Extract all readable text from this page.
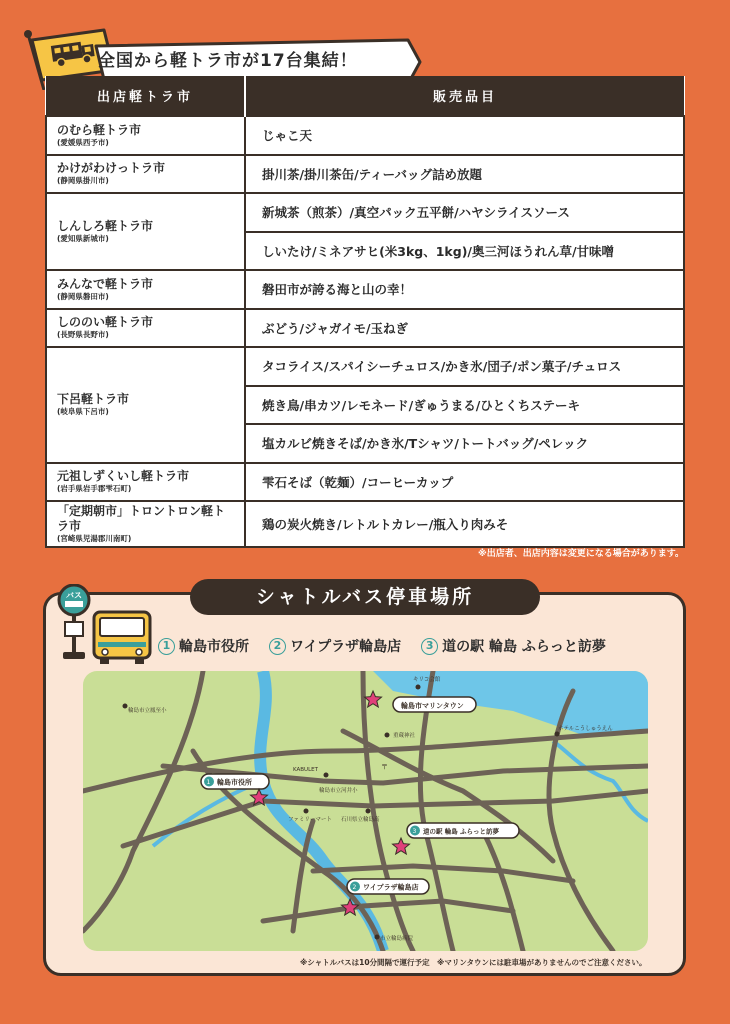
全国から軽トラ市が17台集結！
出店軽トラ市	販売品目

のむら軽トラ市
(愛媛県西予市)	じゃこ天

かけがわけっトラ市
(静岡県掛川市)	掛川茶/掛川茶缶/ティーバッグ詰め放題

しんしろ軽トラ市
(愛知県新城市)	新城茶（煎茶）/真空パック五平餅/ハヤシライスソース
	しいたけ/ミネアサヒ(米3kg、1kg)/奥三河ほうれん草/甘味噌

みんなで軽トラ市
(静岡県磐田市)	磐田市が誇る海と山の幸！

しののい軽トラ市
(長野県長野市)	ぶどう/ジャガイモ/玉ねぎ

下呂軽トラ市
(岐阜県下呂市)	タコライス/スパイシーチュロス/かき氷/団子/ポン菓子/チュロス
	焼き鳥/串カツ/レモネード/ぎゅうまる/ひとくちステーキ
	塩カルビ焼きそば/かき氷/Tシャツ/トートバッグ/ペレック

元祖しずくいし軽トラ市
(岩手県岩手郡雫石町)	雫石そば（乾麺）/コーヒーカップ

「定期朝市」トロントロン軽トラ市
(宮崎県児湯郡川南町)	鶏の炭火焼き/レトルトカレー/瓶入り肉みそ
※出店者、出店内容は変更になる場合があります。
シャトルバス停車場所
バス
1 輪島市役所	2 ワイプラザ輪島店	3 道の駅 輪島 ふらっと訪夢
輪島市立鳳至小
キリコ会館
重蔵神社
ホテルこうしゅうえん
KABULET
輪島市立河井小
ファミリーマート 石川県立輪島高
市立輪島病院
〒
輪島市マリンタウン
1 輪島市役所
3 道の駅 輪島 ふらっと訪夢
2 ワイプラザ輪島店
※シャトルバスは10分間隔で運行予定　※マリンタウンには駐車場がありませんのでご注意ください。
